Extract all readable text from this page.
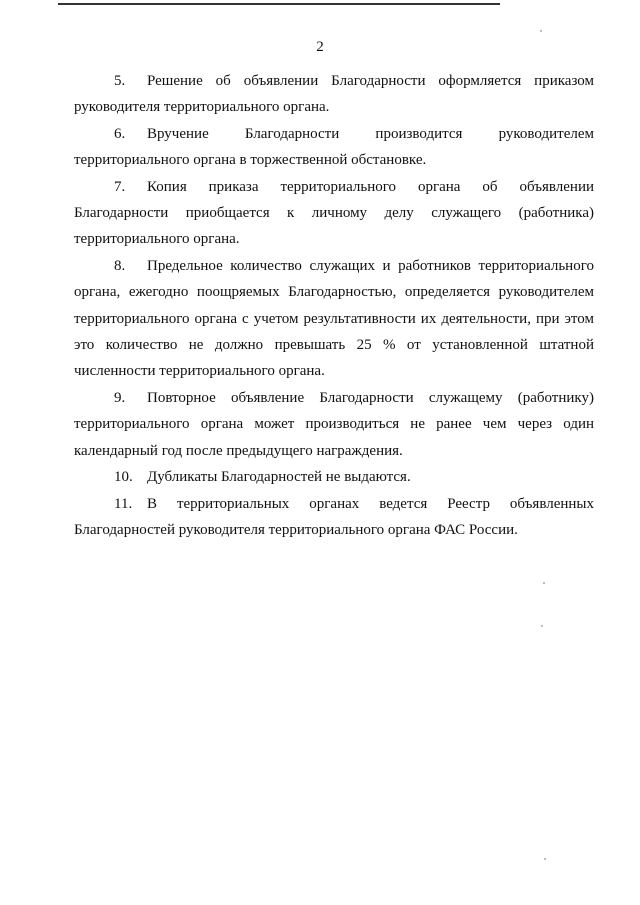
2

5. Решение об объявлении Благодарности оформляется приказом руководителя территориального органа.

6. Вручение Благодарности производится руководителем территориального органа в торжественной обстановке.

7. Копия приказа территориального органа об объявлении Благодарности приобщается к личному делу служащего (работника) территориального органа.

8. Предельное количество служащих и работников территориального органа, ежегодно поощряемых Благодарностью, определяется руководителем территориального органа с учетом результативности их деятельности, при этом это количество не должно превышать 25 % от установленной штатной численности территориального органа.

9. Повторное объявление Благодарности служащему (работнику) территориального органа может производиться не ранее чем через один календарный год после предыдущего награждения.

10. Дубликаты Благодарностей не выдаются.

11. В территориальных органах ведется Реестр объявленных Благодарностей руководителя территориального органа ФАС России.
